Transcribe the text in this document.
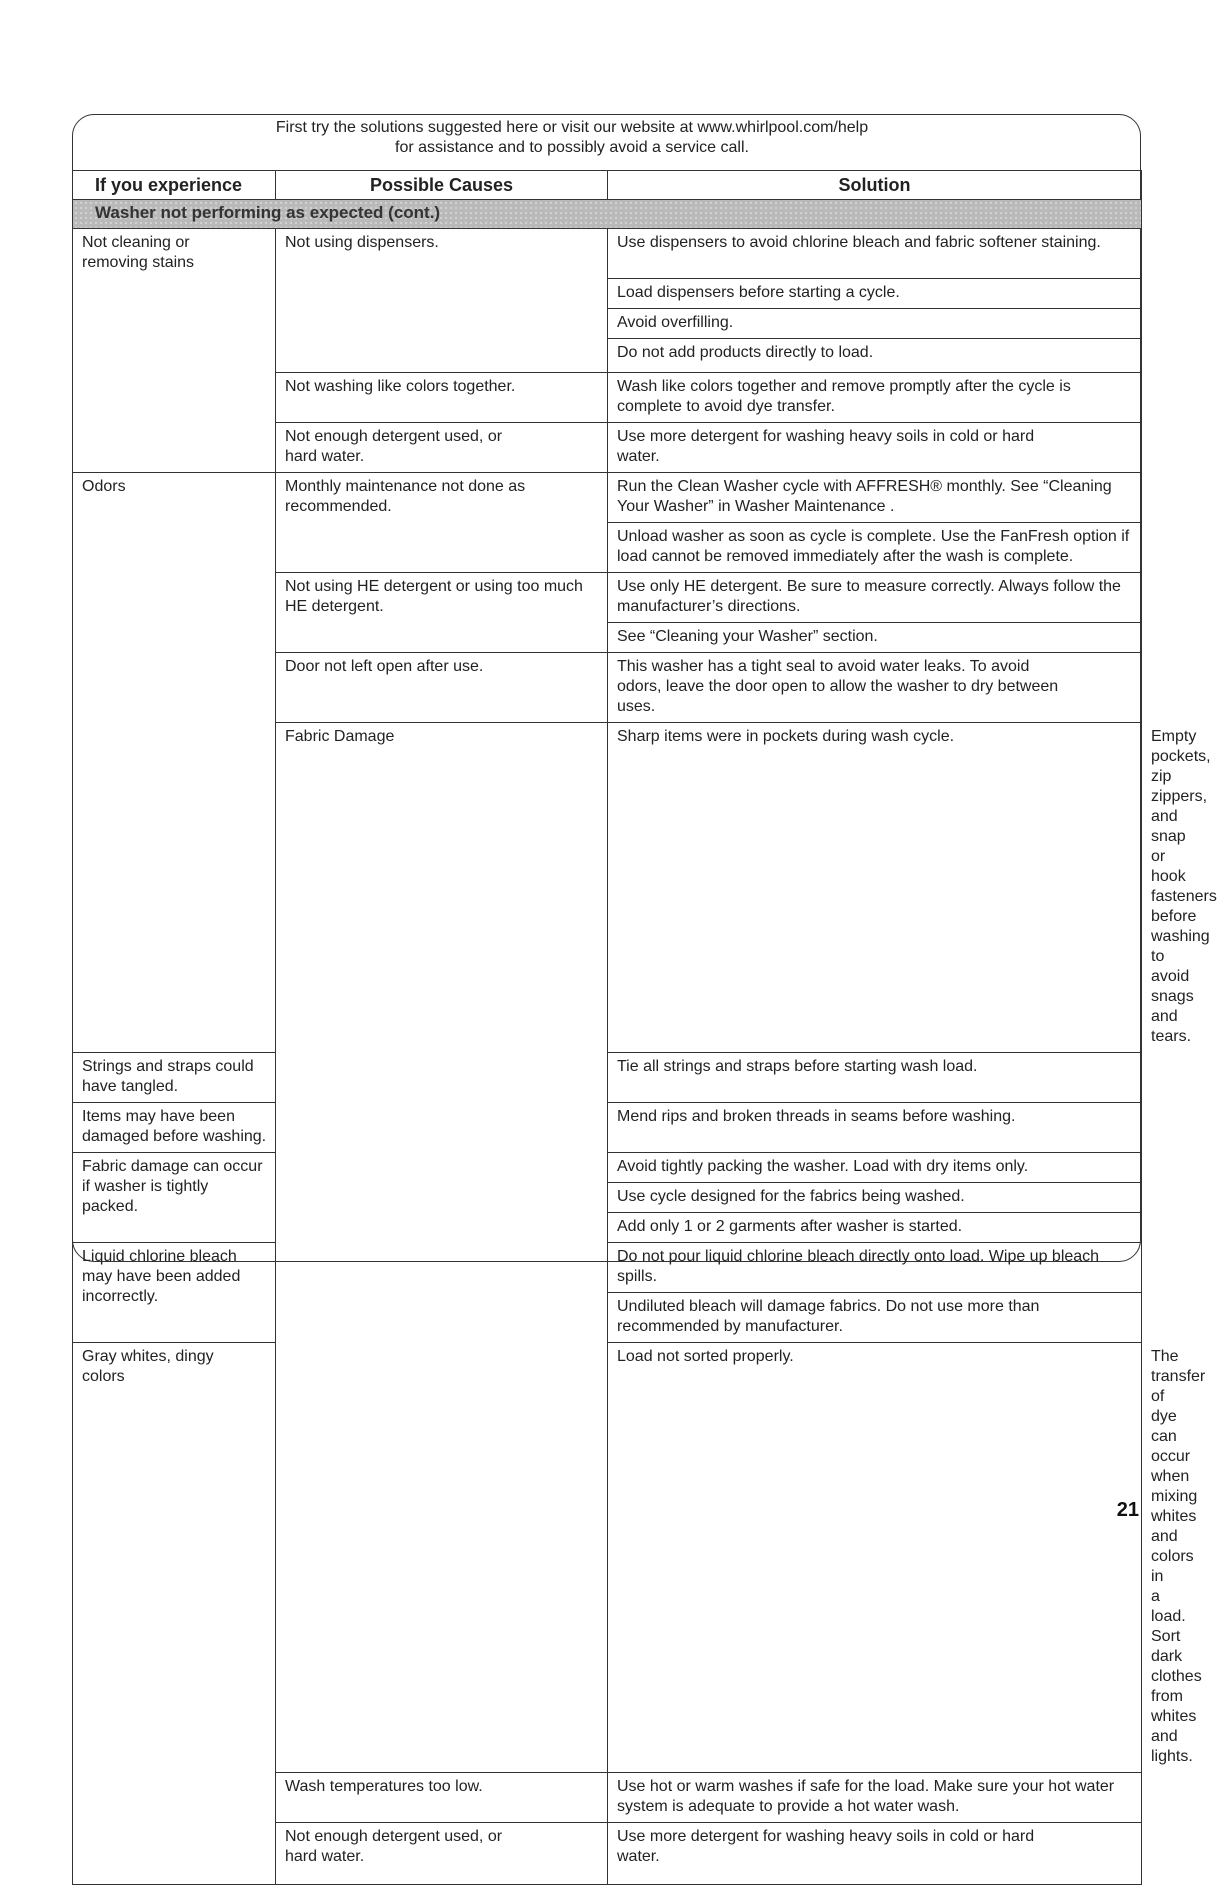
First try the solutions suggested here or visit our website at www.whirlpool.com/help
for assistance and to possibly avoid a service call.
If you experience	Possible Causes	Solution	
Washer not performing as expected (cont.)			
Not cleaning or removing stains	Not using dispensers.	Use dispensers to avoid chlorine bleach and fabric softener staining.	
		Load dispensers before starting a cycle.	
		Avoid overfilling.	
		Do not add products directly to load.	
	Not washing like colors together.	Wash like colors together and remove promptly after the cycle is complete to avoid dye transfer.	
	Not enough detergent used, or hard water.	Use more detergent for washing heavy soils in cold or hard water.	
Odors	Monthly maintenance not done as recommended.	Run the Clean Washer cycle with AFFRESH® monthly. See “Cleaning Your Washer” in Washer Maintenance .	
		Unload washer as soon as cycle is complete. Use the FanFresh option if load cannot be removed immediately after the wash is complete.	
	Not using HE detergent or using too much HE detergent.	Use only HE detergent. Be sure to measure correctly. Always follow the manufacturer’s directions.	
		See “Cleaning your Washer” section.	
	Door not left open after use.	This washer has a tight seal to avoid water leaks. To avoid odors, leave the door open to allow the washer to dry between uses.	
	Fabric Damage	Sharp items were in pockets during wash cycle.	Empty pockets, zip zippers, and snap or hook fasteners before washing to avoid snags and tears.
Strings and straps could have tangled.		Tie all strings and straps before starting wash load.	
Items may have been damaged before washing.		Mend rips and broken threads in seams before washing.	
Fabric damage can occur if washer is tightly packed.		Avoid tightly packing the washer. Load with dry items only.	
		Use cycle designed for the fabrics being washed.	
		Add only 1 or 2 garments after washer is started.	
Liquid chlorine bleach may have been added incorrectly.		Do not pour liquid chlorine bleach directly onto load. Wipe up bleach spills.	
		Undiluted bleach will damage fabrics. Do not use more than recommended by manufacturer.	
Gray whites, dingy colors		Load not sorted properly.	The transfer of dye can occur when mixing whites and colors in a load. Sort dark clothes from whites and lights.
	Wash temperatures too low.	Use hot or warm washes if safe for the load. Make sure your hot water system is adequate to provide a hot water wash.	
	Not enough detergent used, or hard water.	Use more detergent for washing heavy soils in cold or hard water.	
21
